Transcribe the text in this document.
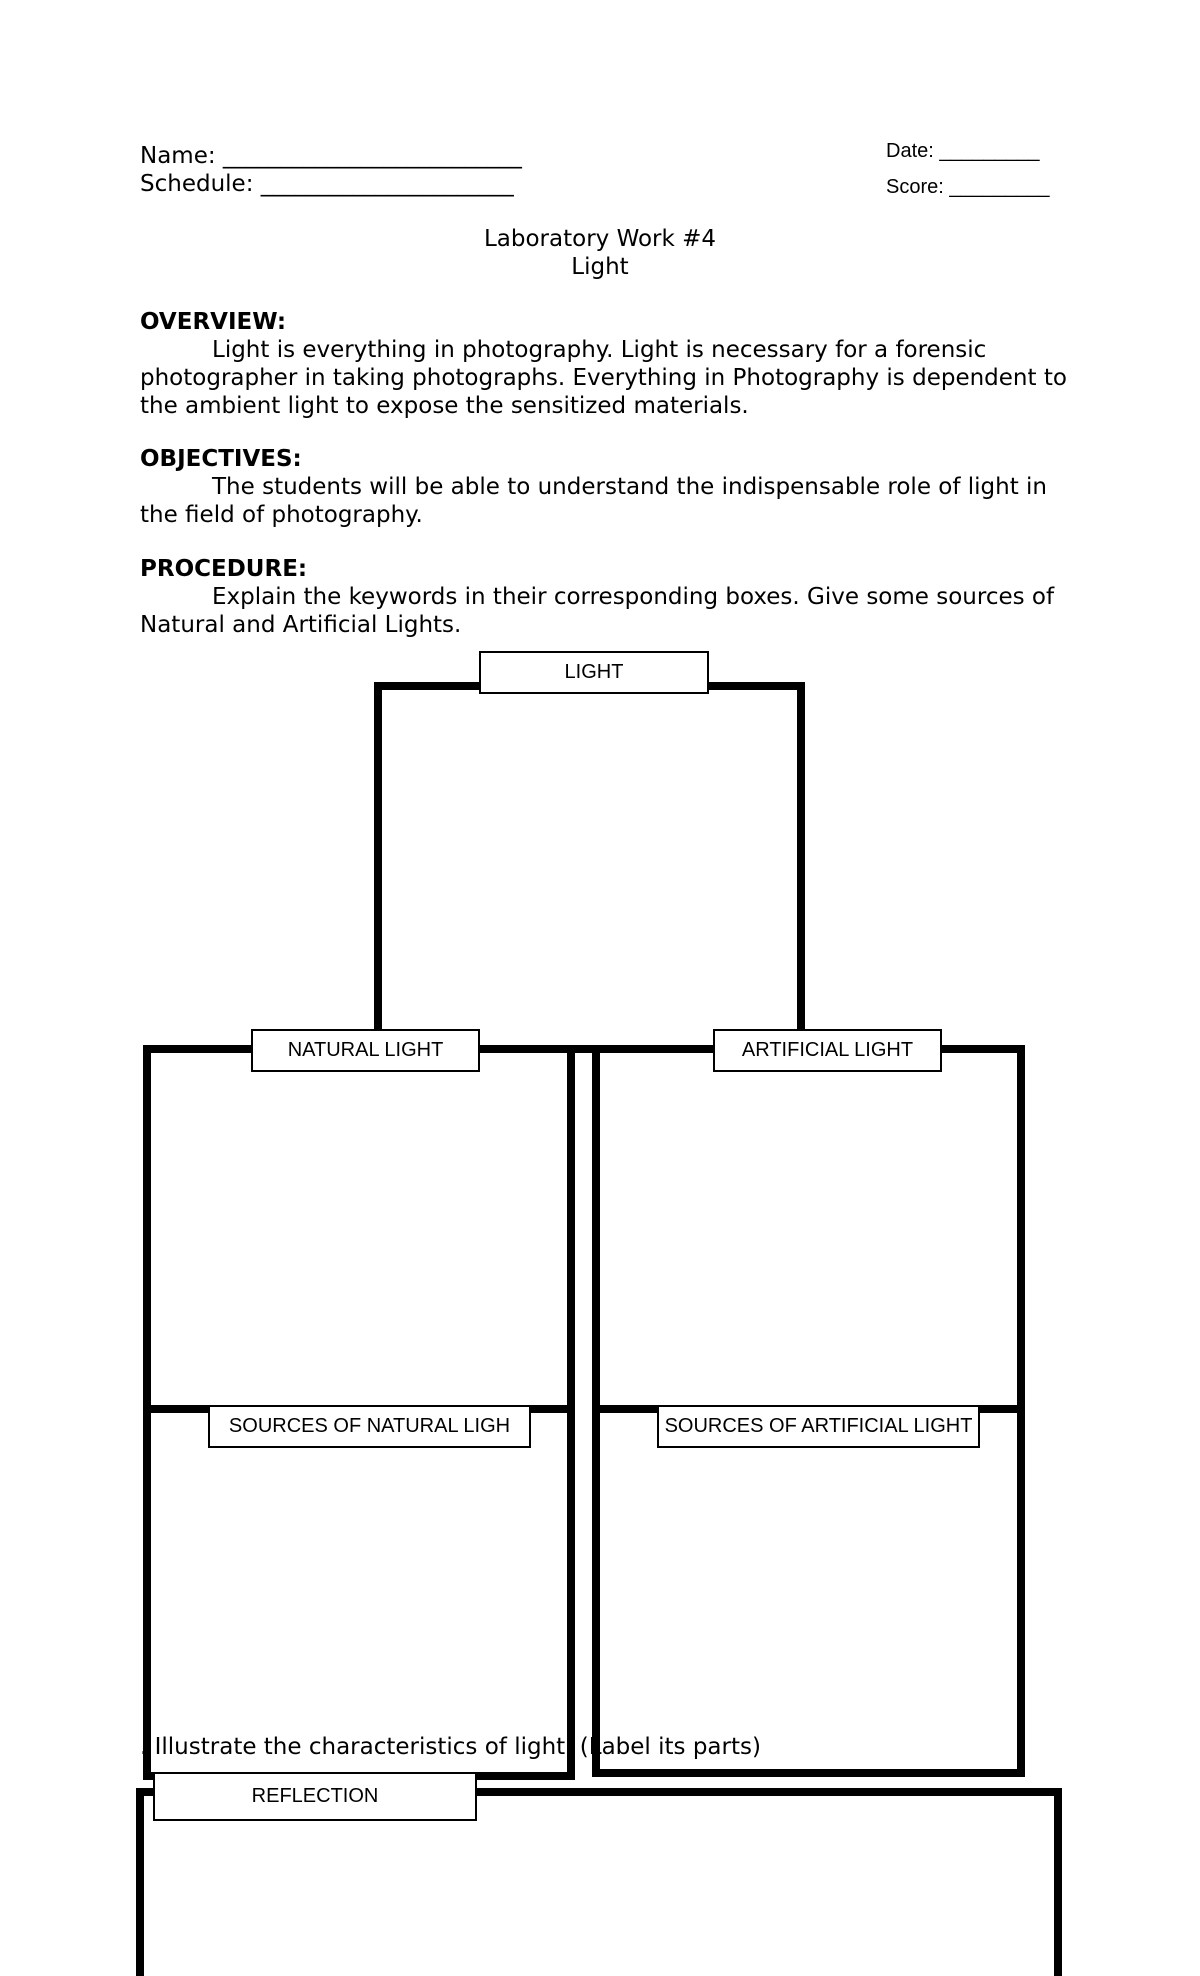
Name: __________________________
Schedule: ______________________
Date: _________
Score: _________
Laboratory Work #4
Light
OVERVIEW:
Light is everything in photography. Light is necessary for a forensic photographer in taking photographs. Everything in Photography is dependent to the ambient light to expose the sensitized materials.
OBJECTIVES:
The students will be able to understand the indispensable role of light in the field of photography.
PROCEDURE:
Explain the keywords in their corresponding boxes. Give some sources of Natural and Artificial Lights.
LIGHT
NATURAL LIGHT	ARTIFICIAL LIGHT
SOURCES OF NATURAL LIGH	SOURCES OF ARTIFICIAL LIGHT
. Illustrate the characteristics of light. (Label its parts)
REFLECTION
